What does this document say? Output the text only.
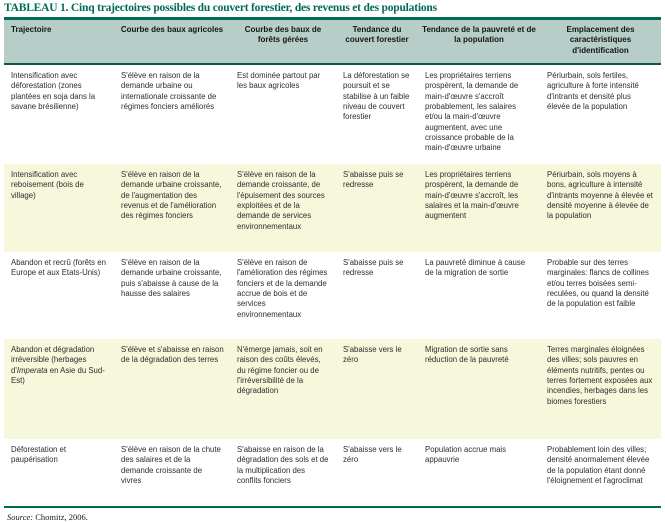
TABLEAU 1. Cinq trajectoires possibles du couvert forestier, des revenus et des populations
Trajectoire	Courbe des baux agricoles	Courbe des baux de forêts gérées	Tendance du couvert forestier	Tendance de la pauvreté et de la population	Emplacement des caractéristiques d'identification
Intensification avec déforestation (zones plantées en soja dans la savane brésilienne)	S'élève en raison de la demande urbaine ou internationale croissante de régimes fonciers améliorés	Est dominée partout par les baux agricoles	La déforestation se poursuit et se stabilise à un faible niveau de couvert forestier	Les propriétaires terriens prospèrent, la demande de main-d'œuvre s'accroît probablement, les salaires et/ou la main-d'œuvre augmentent, avec une croissance probable de la main-d'œuvre urbaine	Périurbain, sols fertiles, agriculture à forte intensité d'intrants et densité plus élevée de la population
Intensification avec reboisement (bois de village)	S'élève en raison de la demande urbaine croissante, de l'augmentation des revenus et de l'amélioration des régimes fonciers	S'élève en raison de la demande croissante, de l'épuisement des sources exploitées et de la demande de services environnementaux	S'abaisse puis se redresse	Les propriétaires terriens prospèrent, la demande de main-d'œuvre s'accroît, les salaires et la main-d'œuvre augmentent	Périurbain, sols moyens à bons, agriculture à intensité d'intrants moyenne à élevée et densité moyenne à élevée de la population
Abandon et recrû (forêts en Europe et aux Etats-Unis)	S'élève en raison de la demande urbaine croissante, puis s'abaisse à cause de la hausse des salaires	S'élève en raison de l'amélioration des régimes fonciers et de la demande accrue de bois et de services environnementaux	S'abaisse puis se redresse	La pauvreté diminue à cause de la migration de sortie	Probable sur des terres marginales: flancs de collines et/ou terres boisées semi-reculées, ou quand la densité de la population est faible
Abandon et dégradation irréversible (herbages d'Imperata en Asie du Sud-Est)	S'élève et s'abaisse en raison de la dégradation des terres	N'émerge jamais, soit en raison des coûts élevés, du régime foncier ou de l'irréversibilité de la dégradation	S'abaisse vers le zéro	Migration de sortie sans réduction de la pauvreté	Terres marginales éloignées des villes; sols pauvres en éléments nutritifs, pentes ou terres fortement exposées aux incendies, herbages dans les biomes forestiers
Déforestation et paupérisation	S'élève en raison de la chute des salaires et de la demande croissante de vivres	S'abaisse en raison de la dégradation des sols et de la multiplication des conflits fonciers	S'abaisse vers le zéro	Population accrue mais appauvrie	Probablement loin des villes; densité anormalement élevée de la population étant donné l'éloignement et l'agroclimat
Source: Chomitz, 2006.
